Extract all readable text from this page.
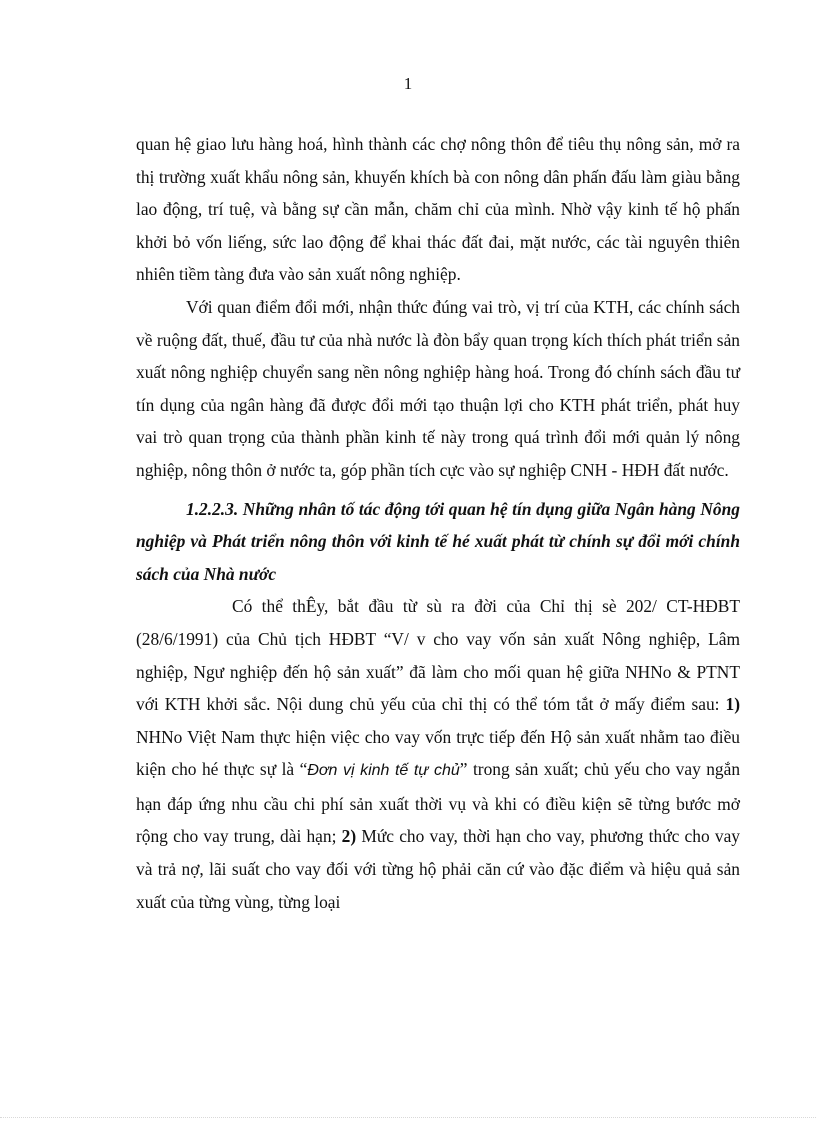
1

quan hệ giao lưu hàng hoá, hình thành các chợ nông thôn để tiêu thụ nông sản, mở ra thị trường xuất khẩu nông sản, khuyến khích bà con nông dân phấn đấu làm giàu bằng lao động, trí tuệ, và bằng sự cần mẫn, chăm chỉ của mình. Nhờ vậy kinh tế hộ phấn khởi bỏ vốn liếng, sức lao động để khai thác đất đai, mặt nước, các tài nguyên thiên nhiên tiềm tàng đưa vào sản xuất nông nghiệp.

Với quan điểm đổi mới, nhận thức đúng vai trò, vị trí của KTH, các chính sách về ruộng đất, thuế, đầu tư của nhà nước là đòn bẩy quan trọng kích thích phát triển sản xuất nông nghiệp chuyển sang nền nông nghiệp hàng hoá. Trong đó chính sách đầu tư tín dụng của ngân hàng đã được đổi mới tạo thuận lợi cho KTH phát triển, phát huy vai trò quan trọng của thành phần kinh tế này trong quá trình đổi mới quản lý nông nghiệp, nông thôn ở nước ta, góp phần tích cực vào sự nghiệp CNH - HĐH đất nước.

1.2.2.3. Những nhân tố tác động tới quan hệ tín dụng giữa Ngân hàng Nông nghiệp và Phát triển nông thôn với kinh tế hé xuất phát từ chính sự đổi mới chính sách của Nhà nước

Có thể thÊy, bắt đầu từ sù ra đời của Chỉ thị sè 202/ CT-HĐBT (28/6/1991) của Chủ tịch HĐBT “V/ v cho vay vốn sản xuất Nông nghiệp, Lâm nghiệp, Ngư nghiệp đến hộ sản xuất” đã làm cho mối quan hệ giữa NHNo & PTNT với KTH khởi sắc. Nội dung chủ yếu của chỉ thị có thể tóm tắt ở mấy điểm sau: 1) NHNo Việt Nam thực hiện việc cho vay vốn trực tiếp đến Hộ sản xuất nhằm tao điều kiện cho hé thực sự là “Đơn vị kinh tế tự chủ” trong sản xuất; chủ yếu cho vay ngắn hạn đáp ứng nhu cầu chi phí sản xuất thời vụ và khi có điều kiện sẽ từng bước mở rộng cho vay trung, dài hạn; 2) Mức cho vay, thời hạn cho vay, phương thức cho vay và trả nợ, lãi suất cho vay đối với từng hộ phải căn cứ vào đặc điểm và hiệu quả sản xuất của từng vùng, từng loại
